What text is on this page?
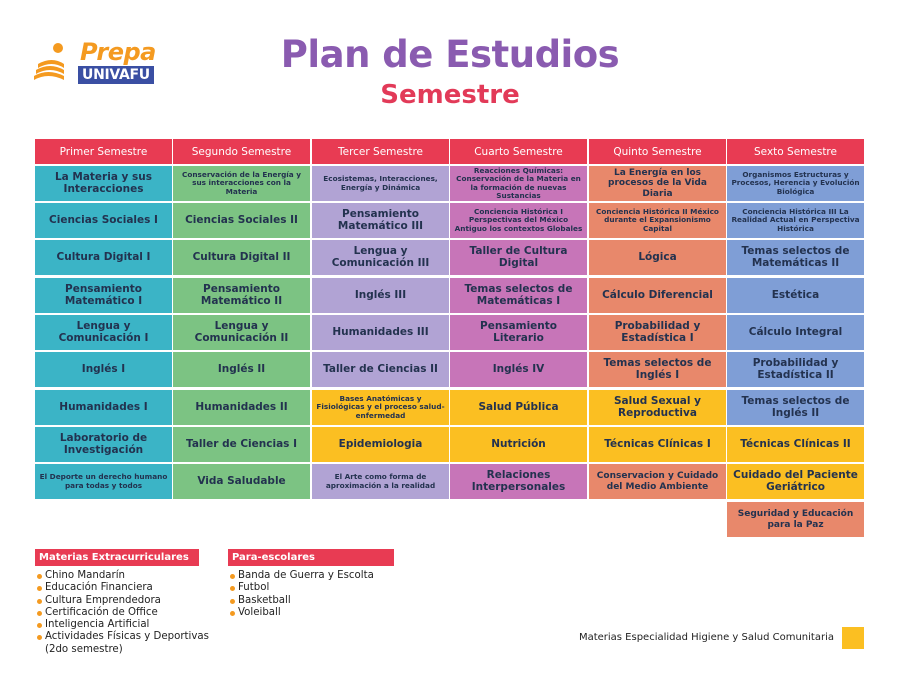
Prepa
UNIVAFU	Plan de Estudios
Semestre
Primer Semestre
La Materia y sus Interacciones
Ciencias Sociales I
Cultura Digital I
Pensamiento Matemático I
Lengua y Comunicación I
Inglés I
Humanidades I
Laboratorio de Investigación
El Deporte un derecho humano para todas y todos
Segundo Semestre
Conservación de la Energía y sus interacciones con la Materia
Ciencias Sociales II
Cultura Digital II
Pensamiento Matemático II
Lengua y Comunicación II
Inglés II
Humanidades II
Taller de Ciencias I
Vida Saludable
Tercer Semestre
Ecosistemas, Interacciones, Energía y Dinámica
Pensamiento Matemático III
Lengua y Comunicación III
Inglés III
Humanidades III
Taller de Ciencias II
Bases Anatómicas y Fisiológicas y el proceso salud-enfermedad
Epidemiologia
El Arte como forma de aproximación a la realidad
Cuarto Semestre
Reacciones Químicas: Conservación de la Materia en la formación de nuevas Sustancias
Conciencia Histórica I Perspectivas del México Antiguo los contextos Globales
Taller de Cultura Digital
Temas selectos de Matemáticas I
Pensamiento Literario
Inglés IV
Salud Pública
Nutrición
Relaciones Interpersonales
Quinto Semestre
La Energía en los procesos de la Vida Diaria
Conciencia Histórica II México durante el Expansionismo Capital
Lógica
Cálculo Diferencial
Probabilidad y Estadística I
Temas selectos de Inglés I
Salud Sexual y Reproductiva
Técnicas Clínicas I
Conservacion y Cuidado del Medio Ambiente
Sexto Semestre
Organismos Estructuras y Procesos, Herencia y Evolución Biológica
Conciencia Histórica III La Realidad Actual en Perspectiva Histórica
Temas selectos de Matemáticas II
Estética
Cálculo Integral
Probabilidad y Estadística II
Temas selectos de Inglés II
Técnicas Clínicas II
Cuidado del Paciente Geriátrico
Seguridad y Educación para la Paz
Materias Extracurriculares
Chino Mandarín
Educación Financiera
Cultura Emprendedora
Certificación de Office
Inteligencia Artificial
Actividades Físicas y Deportivas (2do semestre)
Para-escolares
Banda de Guerra y Escolta
Futbol
Basketball
Voleiball
Materias Especialidad Higiene y Salud Comunitaria
